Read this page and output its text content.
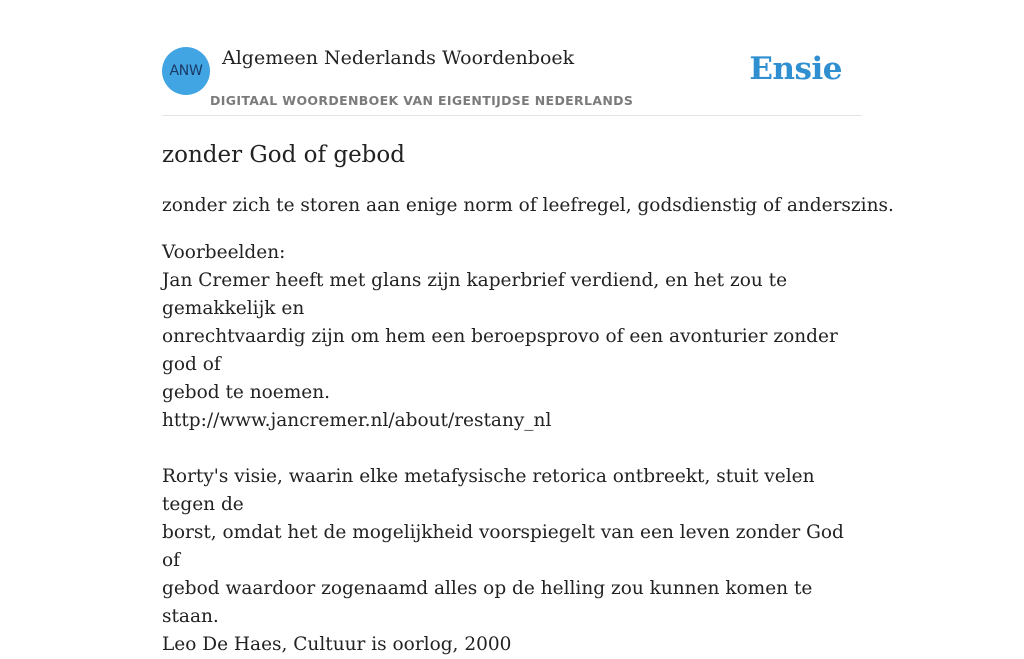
ANW
Algemeen Nederlands Woordenboek
DIGITAAL WOORDENBOEK VAN EIGENTIJDSE NEDERLANDS
Ensie
zonder God of gebod

zonder zich te storen aan enige norm of leefregel, godsdienstig of anderszins.

Voorbeelden:
Jan Cremer heeft met glans zijn kaperbrief verdiend, en het zou te gemakkelijk en
onrechtvaardig zijn om hem een beroepsprovo of een avonturier zonder god of
gebod te noemen.
http://www.jancremer.nl/about/restany_nl
Rorty's visie, waarin elke metafysische retorica ontbreekt, stuit velen tegen de
borst, omdat het de mogelijkheid voorspiegelt van een leven zonder God of
gebod waardoor zogenaamd alles op de helling zou kunnen komen te staan.
Leo De Haes, Cultuur is oorlog, 2000
